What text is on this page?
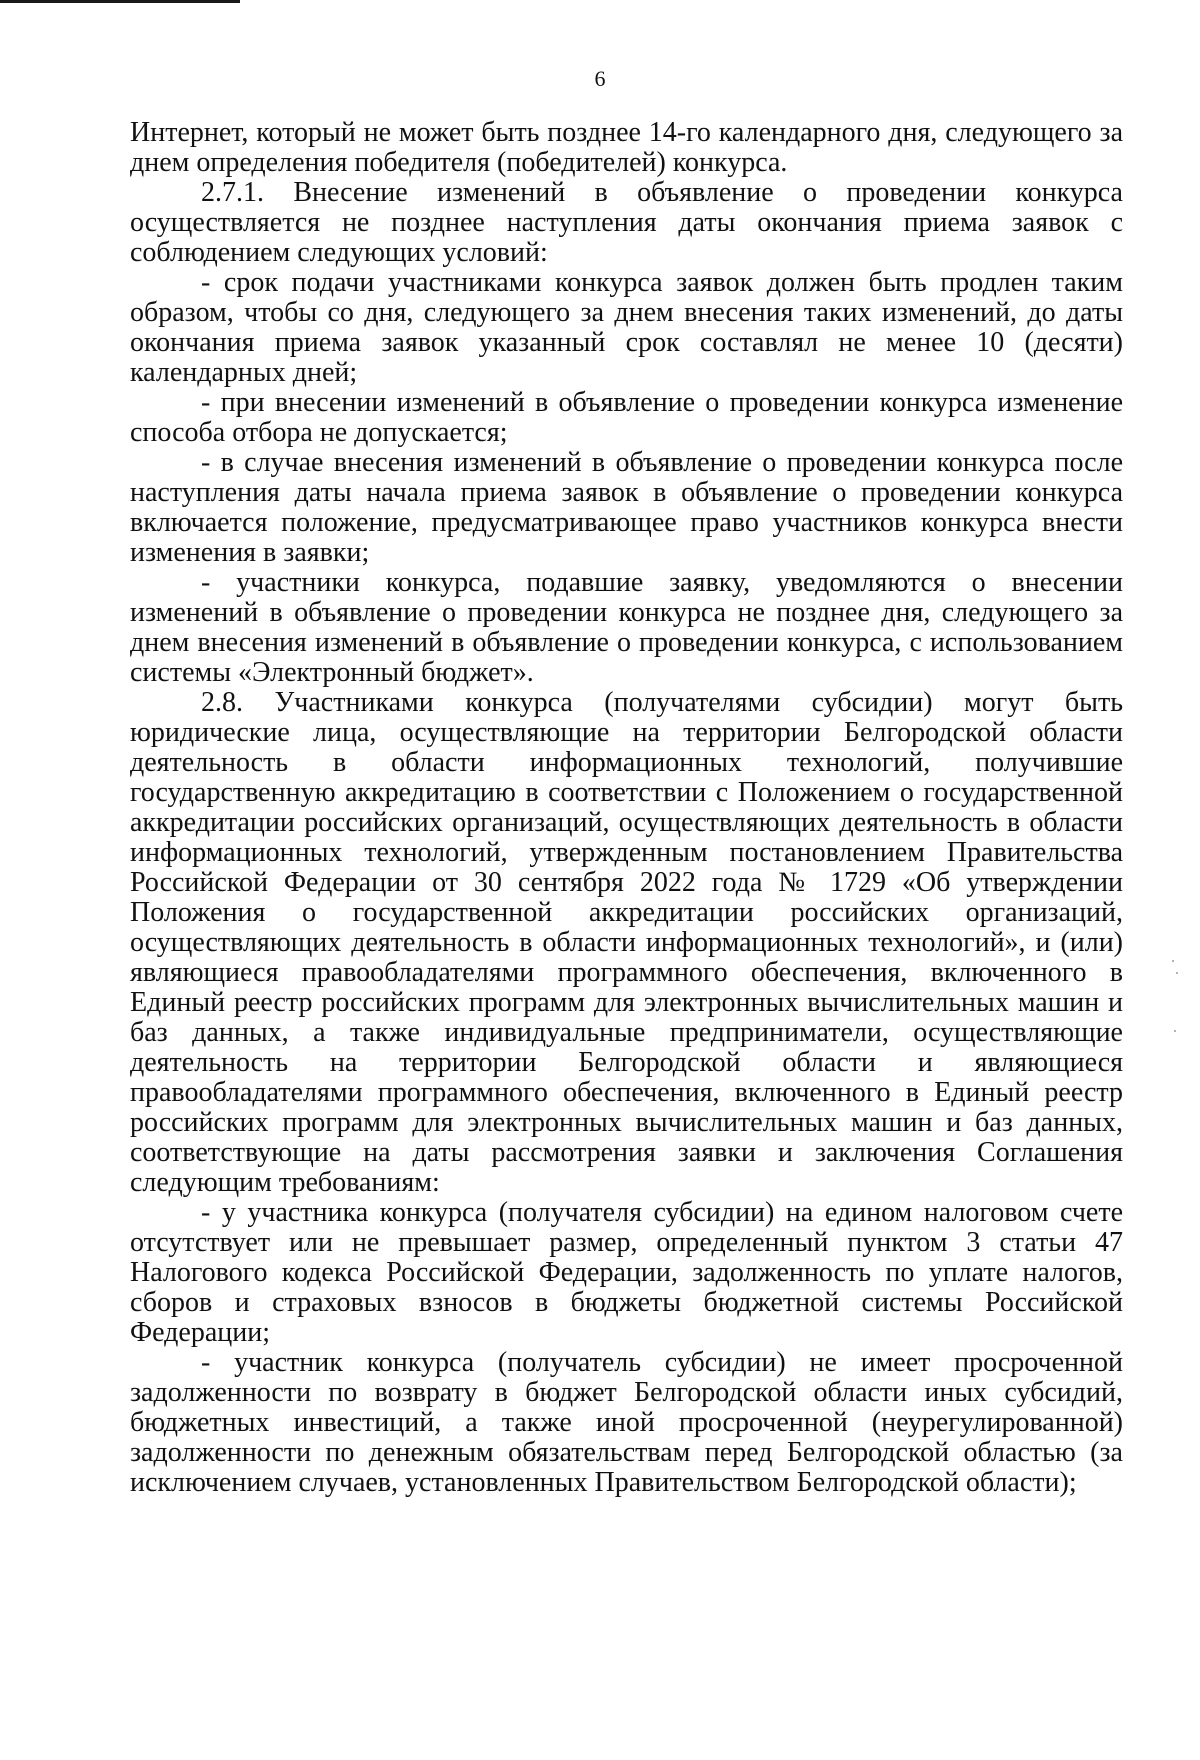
6

Интернет, который не может быть позднее 14-го календарного дня, следующего за днем определения победителя (победителей) конкурса.

2.7.1. Внесение изменений в объявление о проведении конкурса осуществляется не позднее наступления даты окончания приема заявок с соблюдением следующих условий:

- срок подачи участниками конкурса заявок должен быть продлен таким образом, чтобы со дня, следующего за днем внесения таких изменений, до даты окончания приема заявок указанный срок составлял не менее 10 (десяти) календарных дней;

- при внесении изменений в объявление о проведении конкурса изменение способа отбора не допускается;

- в случае внесения изменений в объявление о проведении конкурса после наступления даты начала приема заявок в объявление о проведении конкурса включается положение, предусматривающее право участников конкурса внести изменения в заявки;

- участники конкурса, подавшие заявку, уведомляются о внесении изменений в объявление о проведении конкурса не позднее дня, следующего за днем внесения изменений в объявление о проведении конкурса, с использованием системы «Электронный бюджет».

2.8. Участниками конкурса (получателями субсидии) могут быть юридические лица, осуществляющие на территории Белгородской области деятельность в области информационных технологий, получившие государственную аккредитацию в соответствии с Положением о государственной аккредитации российских организаций, осуществляющих деятельность в области информационных технологий, утвержденным постановлением Правительства Российской Федерации от 30 сентября 2022 года № 1729 «Об утверждении Положения о государственной аккредитации российских организаций, осуществляющих деятельность в области информационных технологий», и (или) являющиеся правообладателями программного обеспечения, включенного в Единый реестр российских программ для электронных вычислительных машин и баз данных, а также индивидуальные предприниматели, осуществляющие деятельность на территории Белгородской области и являющиеся правообладателями программного обеспечения, включенного в Единый реестр российских программ для электронных вычислительных машин и баз данных, соответствующие на даты рассмотрения заявки и заключения Соглашения следующим требованиям:

- у участника конкурса (получателя субсидии) на едином налоговом счете отсутствует или не превышает размер, определенный пунктом 3 статьи 47 Налогового кодекса Российской Федерации, задолженность по уплате налогов, сборов и страховых взносов в бюджеты бюджетной системы Российской Федерации;

- участник конкурса (получатель субсидии) не имеет просроченной задолженности по возврату в бюджет Белгородской области иных субсидий, бюджетных инвестиций, а также иной просроченной (неурегулированной) задолженности по денежным обязательствам перед Белгородской областью (за исключением случаев, установленных Правительством Белгородской области);
